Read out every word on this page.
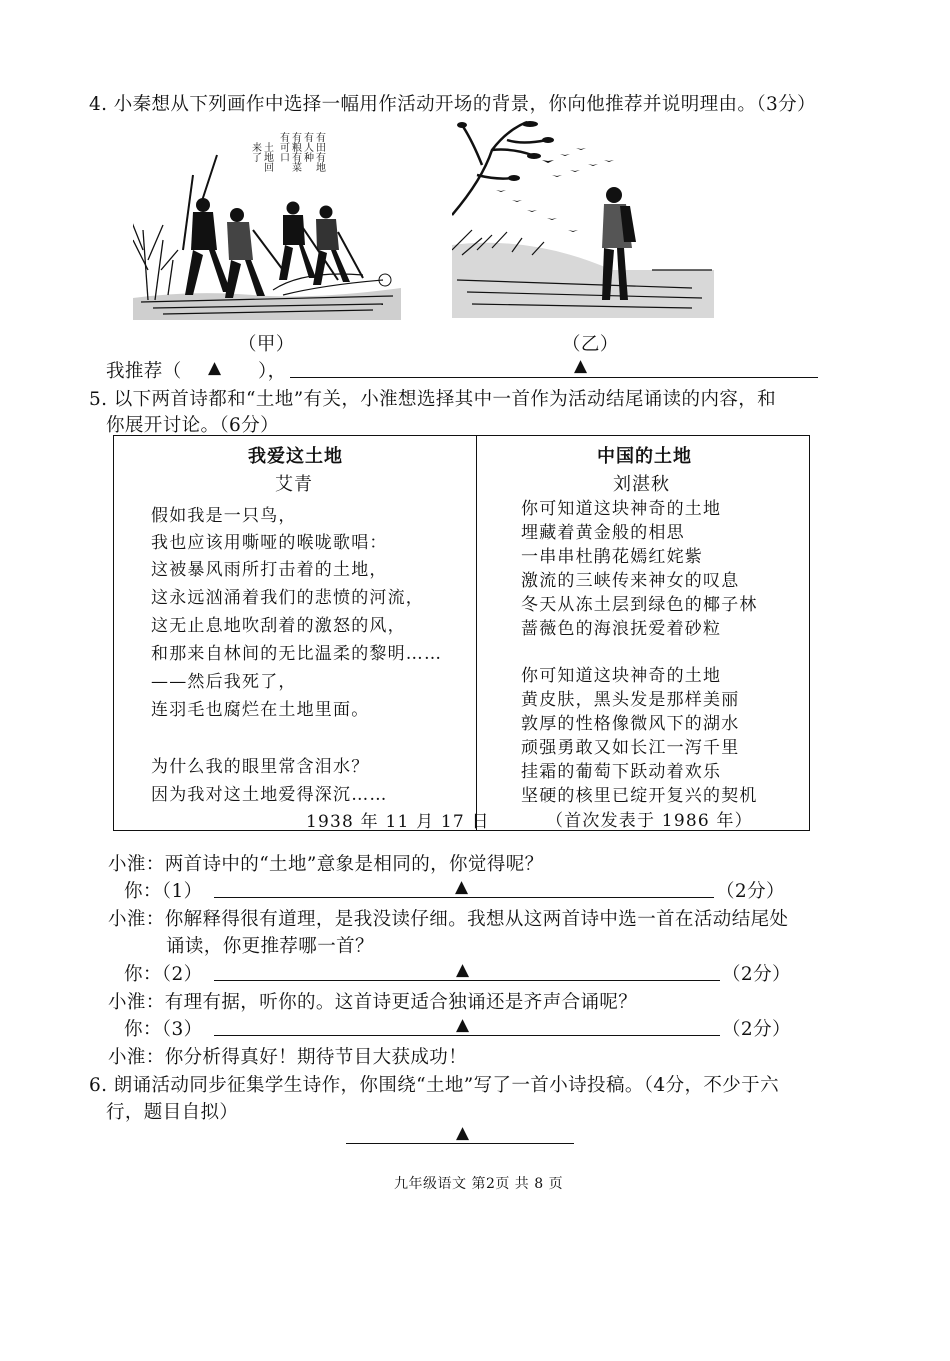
4. 小秦想从下列画作中选择一幅用作活动开场的背景，你向他推荐并说明理由。（3分）
有田有地
有人种
有粮有菜
有可口
土地回
来了
（甲）	（乙）
我推荐（ ▲ ），	▲
5. 以下两首诗都和“土地”有关，小淮想选择其中一首作为活动结尾诵读的内容，和
你展开讨论。（6分）
我爱这土地
艾青
假如我是一只鸟，
我也应该用嘶哑的喉咙歌唱：
这被暴风雨所打击着的土地，
这永远汹涌着我们的悲愤的河流，
这无止息地吹刮着的激怒的风，
和那来自林间的无比温柔的黎明……
——然后我死了，
连羽毛也腐烂在土地里面。
为什么我的眼里常含泪水？
因为我对这土地爱得深沉……
1938 年 11 月 17 日
中国的土地
刘湛秋
你可知道这块神奇的土地
埋藏着黄金般的相思
一串串杜鹃花嫣红姹紫
激流的三峡传来神女的叹息
冬天从冻土层到绿色的椰子林
蔷薇色的海浪抚爱着砂粒
你可知道这块神奇的土地
黄皮肤，黑头发是那样美丽
敦厚的性格像微风下的湖水
顽强勇敢又如长江一泻千里
挂霜的葡萄下跃动着欢乐
坚硬的核里已绽开复兴的契机
（首次发表于 1986 年）
小淮：两首诗中的“土地”意象是相同的，你觉得呢？
你：（1）	▲	（2分）
小淮：你解释得很有道理，是我没读仔细。我想从这两首诗中选一首在活动结尾处
诵读，你更推荐哪一首？
你：（2）	▲	（2分）
小淮：有理有据，听你的。这首诗更适合独诵还是齐声合诵呢？
你：（3）	▲	（2分）
小淮：你分析得真好！期待节目大获成功！
6. 朗诵活动同步征集学生诗作，你围绕“土地”写了一首小诗投稿。（4分，不少于六
行，题目自拟）
▲
九年级语文 第2页 共 8 页
